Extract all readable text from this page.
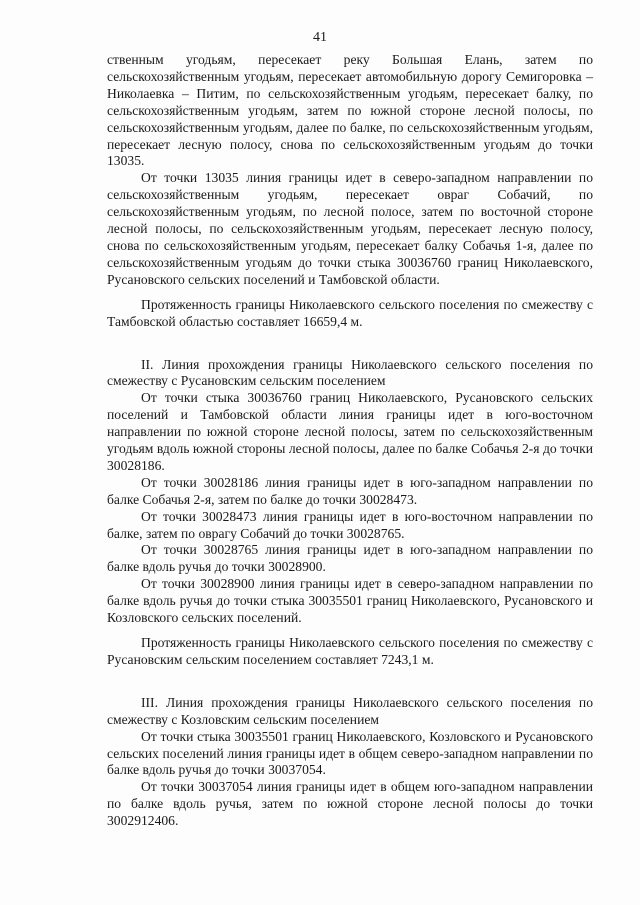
41

ственным угодьям, пересекает реку Большая Елань, затем по сельскохозяйственным угодьям, пересекает автомобильную дорогу Семигоровка – Николаевка – Питим, по сельскохозяйственным угодьям, пересекает балку, по сельскохозяйственным угодьям, затем по южной стороне лесной полосы, по сельскохозяйственным угодьям, далее по балке, по сельскохозяйственным угодьям, пересекает лесную полосу, снова по сельскохозяйственным угодьям до точки 13035.

От точки 13035 линия границы идет в северо-западном направлении по сельскохозяйственным угодьям, пересекает овраг Собачий, по сельскохозяйственным угодьям, по лесной полосе, затем по восточной стороне лесной полосы, по сельскохозяйственным угодьям, пересекает лесную полосу, снова по сельскохозяйственным угодьям, пересекает балку Собачья 1-я, далее по сельскохозяйственным угодьям до точки стыка 30036760 границ Николаевского, Русановского сельских поселений и Тамбовской области.

Протяженность границы Николаевского сельского поселения по смежеству с Тамбовской областью составляет 16659,4 м.

II. Линия прохождения границы Николаевского сельского поселения по смежеству с Русановским сельским поселением

От точки стыка 30036760 границ Николаевского, Русановского сельских поселений и Тамбовской области линия границы идет в юго-восточном направлении по южной стороне лесной полосы, затем по сельскохозяйственным угодьям вдоль южной стороны лесной полосы, далее по балке Собачья 2-я до точки 30028186.

От точки 30028186 линия границы идет в юго-западном направлении по балке Собачья 2-я, затем по балке до точки 30028473.

От точки 30028473 линия границы идет в юго-восточном направлении по балке, затем по оврагу Собачий до точки 30028765.

От точки 30028765 линия границы идет в юго-западном направлении по балке вдоль ручья до точки 30028900.

От точки 30028900 линия границы идет в северо-западном направлении по балке вдоль ручья до точки стыка 30035501 границ Николаевского, Русановского и Козловского сельских поселений.

Протяженность границы Николаевского сельского поселения по смежеству с Русановским сельским поселением составляет 7243,1 м.

III. Линия прохождения границы Николаевского сельского поселения по смежеству с Козловским сельским поселением

От точки стыка 30035501 границ Николаевского, Козловского и Русановского сельских поселений линия границы идет в общем северо-западном направлении по балке вдоль ручья до точки 30037054.

От точки 30037054 линия границы идет в общем юго-западном направлении по балке вдоль ручья, затем по южной стороне лесной полосы до точки 3002912406.
